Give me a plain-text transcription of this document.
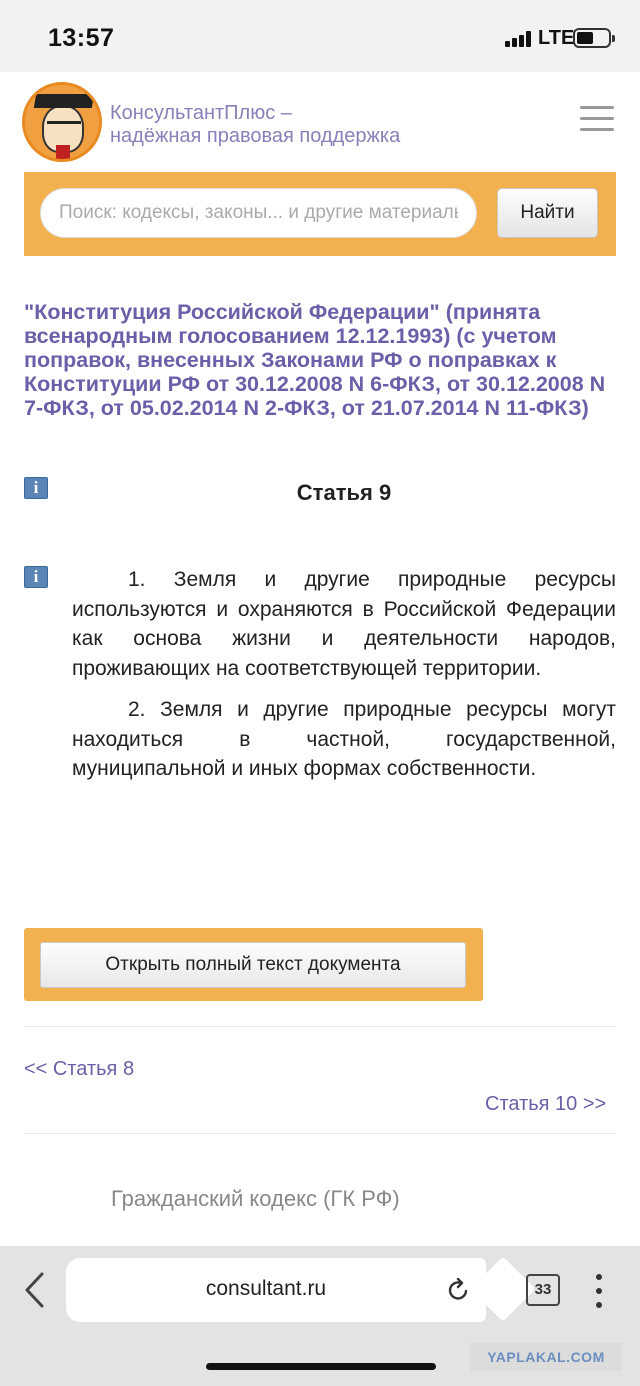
13:57	LTE
КонсультантПлюс –
надёжная правовая поддержка
Поиск: кодексы, законы... и другие материалы
Найти
"Конституция Российской Федерации" (принята всенародным голосованием 12.12.1993) (с учетом поправок, внесенных Законами РФ о поправках к Конституции РФ от 30.12.2008 N 6-ФКЗ, от 30.12.2008 N 7-ФКЗ, от 05.02.2014 N 2-ФКЗ, от 21.07.2014 N 11-ФКЗ)
i	Статья 9
i	1. Земля и другие природные ресурсы используются и охраняются в Российской Федерации как основа жизни и деятельности народов, проживающих на соответствующей территории.

2. Земля и другие природные ресурсы могут находиться в частной, государственной, муниципальной и иных формах собственности.

Открыть полный текст документа
<< Статья 8
Статья 10 >>
Гражданский кодекс (ГК РФ)
consultant.ru	33
YAPLAKAL.COM
